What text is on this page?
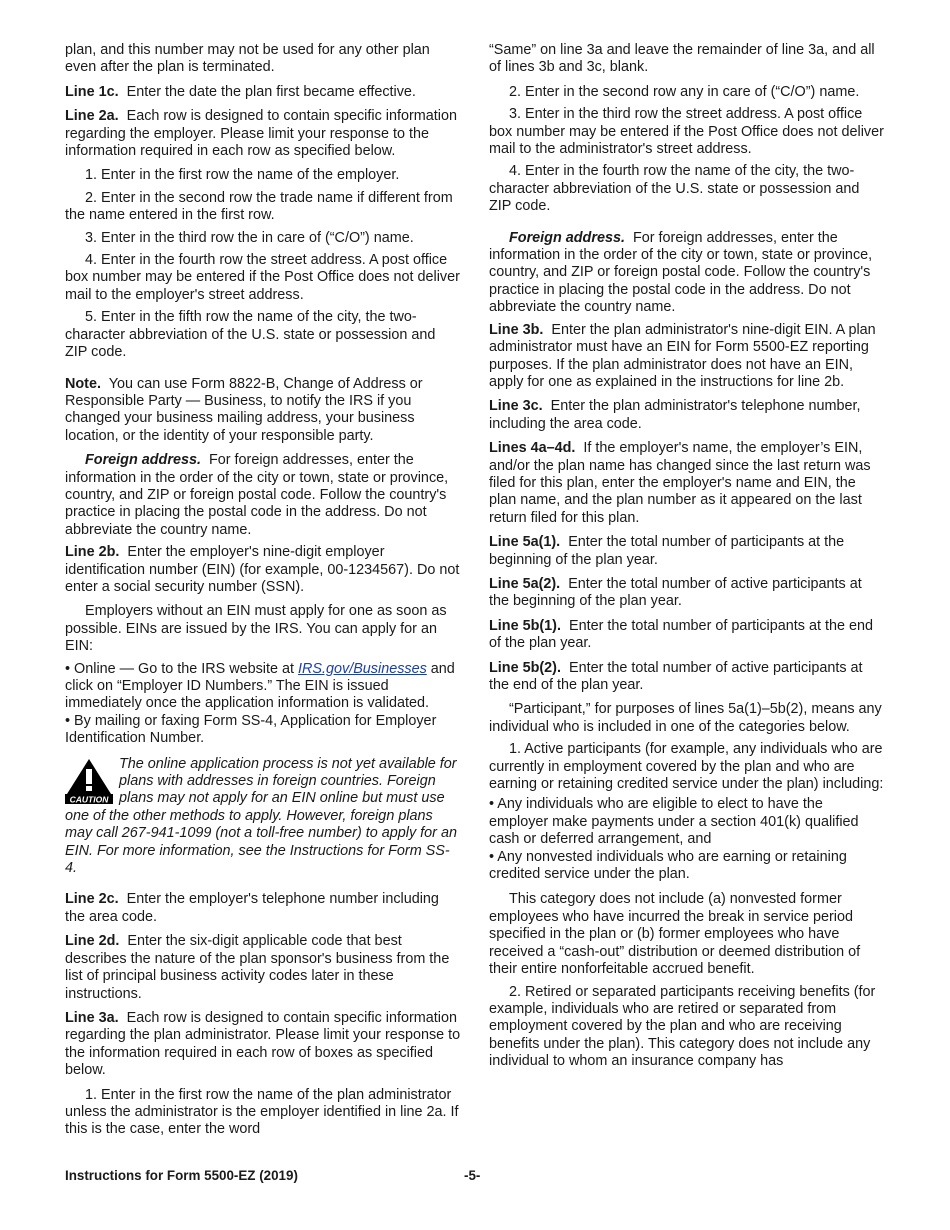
plan, and this number may not be used for any other plan even after the plan is terminated.

Line 1c. Enter the date the plan first became effective.

Line 2a. Each row is designed to contain specific information regarding the employer. Please limit your response to the information required in each row as specified below.

1. Enter in the first row the name of the employer.

2. Enter in the second row the trade name if different from the name entered in the first row.

3. Enter in the third row the in care of (“C/O”) name.

4. Enter in the fourth row the street address. A post office box number may be entered if the Post Office does not deliver mail to the employer's street address.

5. Enter in the fifth row the name of the city, the two-character abbreviation of the U.S. state or possession and ZIP code.

Note. You can use Form 8822-B, Change of Address or Responsible Party — Business, to notify the IRS if you changed your business mailing address, your business location, or the identity of your responsible party.

Foreign address. For foreign addresses, enter the information in the order of the city or town, state or province, country, and ZIP or foreign postal code. Follow the country's practice in placing the postal code in the address. Do not abbreviate the country name.

Line 2b. Enter the employer's nine-digit employer identification number (EIN) (for example, 00-1234567). Do not enter a social security number (SSN).

Employers without an EIN must apply for one as soon as possible. EINs are issued by the IRS. You can apply for an EIN:

• Online — Go to the IRS website at IRS.gov/Businesses and click on “Employer ID Numbers.” The EIN is issued immediately once the application information is validated.

• By mailing or faxing Form SS-4, Application for Employer Identification Number.

CAUTION
The online application process is not yet available for plans with addresses in foreign countries. Foreign plans may not apply for an EIN online but must use one of the other methods to apply. However, foreign plans may call 267-941-1099 (not a toll-free number) to apply for an EIN. For more information, see the Instructions for Form SS-4.

Line 2c. Enter the employer's telephone number including the area code.

Line 2d. Enter the six-digit applicable code that best describes the nature of the plan sponsor's business from the list of principal business activity codes later in these instructions.

Line 3a. Each row is designed to contain specific information regarding the plan administrator. Please limit your response to the information required in each row of boxes as specified below.

1. Enter in the first row the name of the plan administrator unless the administrator is the employer identified in line 2a. If this is the case, enter the word

“Same” on line 3a and leave the remainder of line 3a, and all of lines 3b and 3c, blank.

2. Enter in the second row any in care of (“C/O”) name.

3. Enter in the third row the street address. A post office box number may be entered if the Post Office does not deliver mail to the administrator's street address.

4. Enter in the fourth row the name of the city, the two-character abbreviation of the U.S. state or possession and ZIP code.

Foreign address. For foreign addresses, enter the information in the order of the city or town, state or province, country, and ZIP or foreign postal code. Follow the country's practice in placing the postal code in the address. Do not abbreviate the country name.

Line 3b. Enter the plan administrator's nine-digit EIN. A plan administrator must have an EIN for Form 5500-EZ reporting purposes. If the plan administrator does not have an EIN, apply for one as explained in the instructions for line 2b.

Line 3c. Enter the plan administrator's telephone number, including the area code.

Lines 4a–4d. If the employer's name, the employer’s EIN, and/or the plan name has changed since the last return was filed for this plan, enter the employer's name and EIN, the plan name, and the plan number as it appeared on the last return filed for this plan.

Line 5a(1). Enter the total number of participants at the beginning of the plan year.

Line 5a(2). Enter the total number of active participants at the beginning of the plan year.

Line 5b(1). Enter the total number of participants at the end of the plan year.

Line 5b(2). Enter the total number of active participants at the end of the plan year.

“Participant,” for purposes of lines 5a(1)–5b(2), means any individual who is included in one of the categories below.

1. Active participants (for example, any individuals who are currently in employment covered by the plan and who are earning or retaining credited service under the plan) including:

• Any individuals who are eligible to elect to have the employer make payments under a section 401(k) qualified cash or deferred arrangement, and

• Any nonvested individuals who are earning or retaining credited service under the plan.

This category does not include (a) nonvested former employees who have incurred the break in service period specified in the plan or (b) former employees who have received a “cash-out” distribution or deemed distribution of their entire nonforfeitable accrued benefit.

2. Retired or separated participants receiving benefits (for example, individuals who are retired or separated from employment covered by the plan and who are receiving benefits under the plan). This category does not include any individual to whom an insurance company has

Instructions for Form 5500-EZ (2019)	-5-
